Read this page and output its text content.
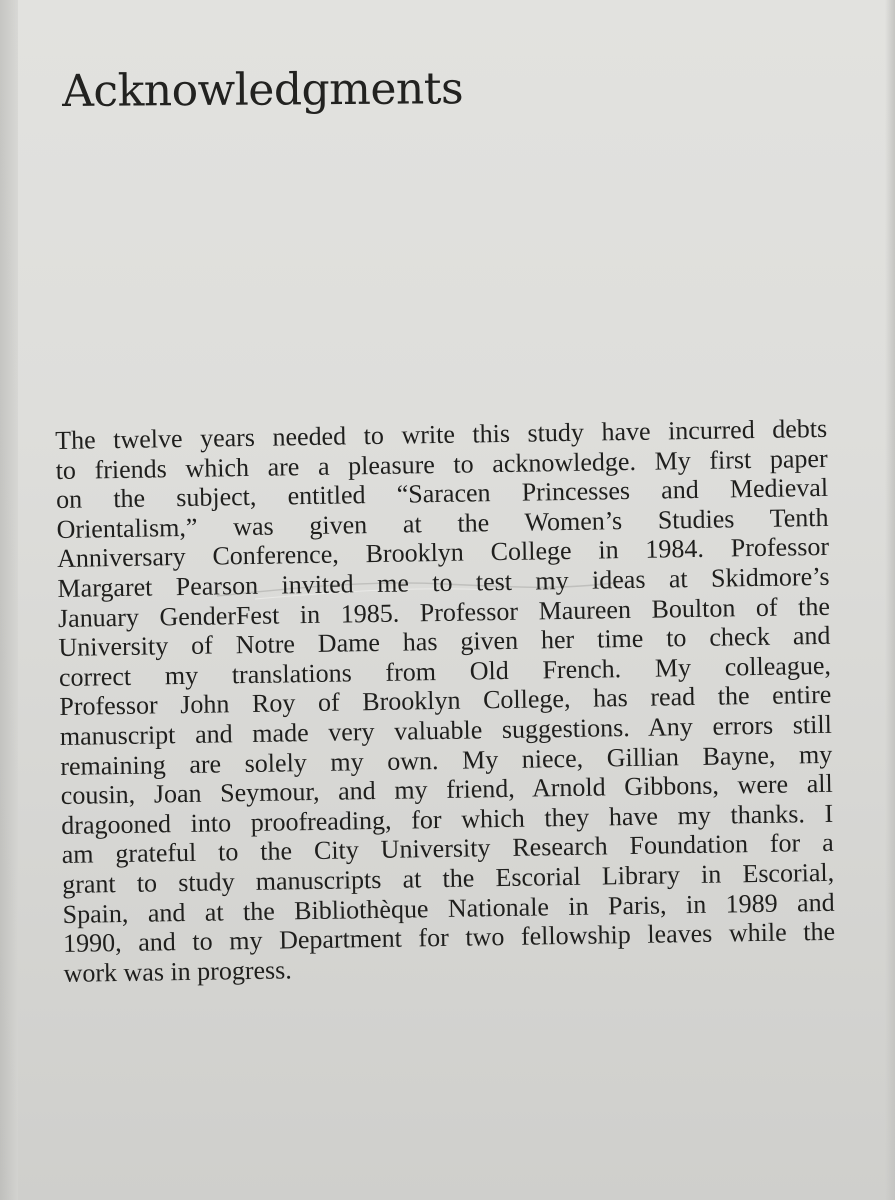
Acknowledgments
The twelve years needed to write this study have incurred debts
to friends which are a pleasure to acknowledge. My first paper
on the subject, entitled “Saracen Princesses and Medieval
Orientalism,” was given at the Women’s Studies Tenth
Anniversary Conference, Brooklyn College in 1984. Professor
Margaret Pearson invited me to test my ideas at Skidmore’s
January GenderFest in 1985. Professor Maureen Boulton of the
University of Notre Dame has given her time to check and
correct my translations from Old French. My colleague,
Professor John Roy of Brooklyn College, has read the entire
manuscript and made very valuable suggestions. Any errors still
remaining are solely my own. My niece, Gillian Bayne, my
cousin, Joan Seymour, and my friend, Arnold Gibbons, were all
dragooned into proofreading, for which they have my thanks. I
am grateful to the City University Research Foundation for a
grant to study manuscripts at the Escorial Library in Escorial,
Spain, and at the Bibliothèque Nationale in Paris, in 1989 and
1990, and to my Department for two fellowship leaves while the
work was in progress.
